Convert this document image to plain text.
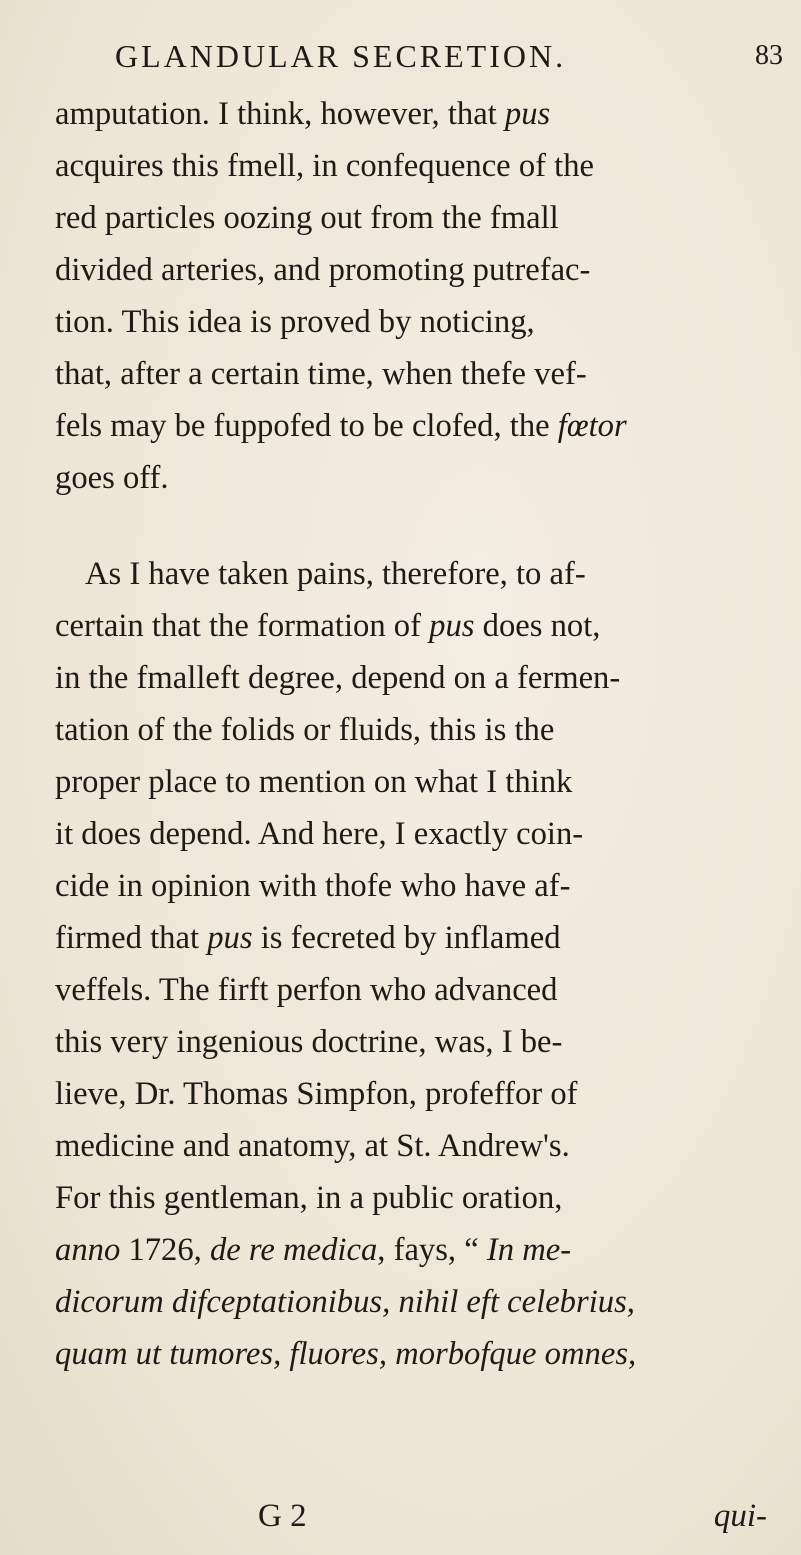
GLANDULAR SECRETION.	83
amputation. I think, however, that pus
acquires this fmell, in confequence of the
red particles oozing out from the fmall
divided arteries, and promoting putrefac-
tion. This idea is proved by noticing,
that, after a certain time, when thefe vef-
fels may be fuppofed to be clofed, the fœtor
goes off.
As I have taken pains, therefore, to af-
certain that the formation of pus does not,
in the fmalleft degree, depend on a fermen-
tation of the folids or fluids, this is the
proper place to mention on what I think
it does depend. And here, I exactly coin-
cide in opinion with thofe who have af-
firmed that pus is fecreted by inflamed
veffels. The firft perfon who advanced
this very ingenious doctrine, was, I be-
lieve, Dr. Thomas Simpfon, profeffor of
medicine and anatomy, at St. Andrew's.
For this gentleman, in a public oration,
anno 1726, de re medica, fays, “ In me-
dicorum difceptationibus, nihil eft celebrius,
quam ut tumores, fluores, morbofque omnes,
G 2	qui-
